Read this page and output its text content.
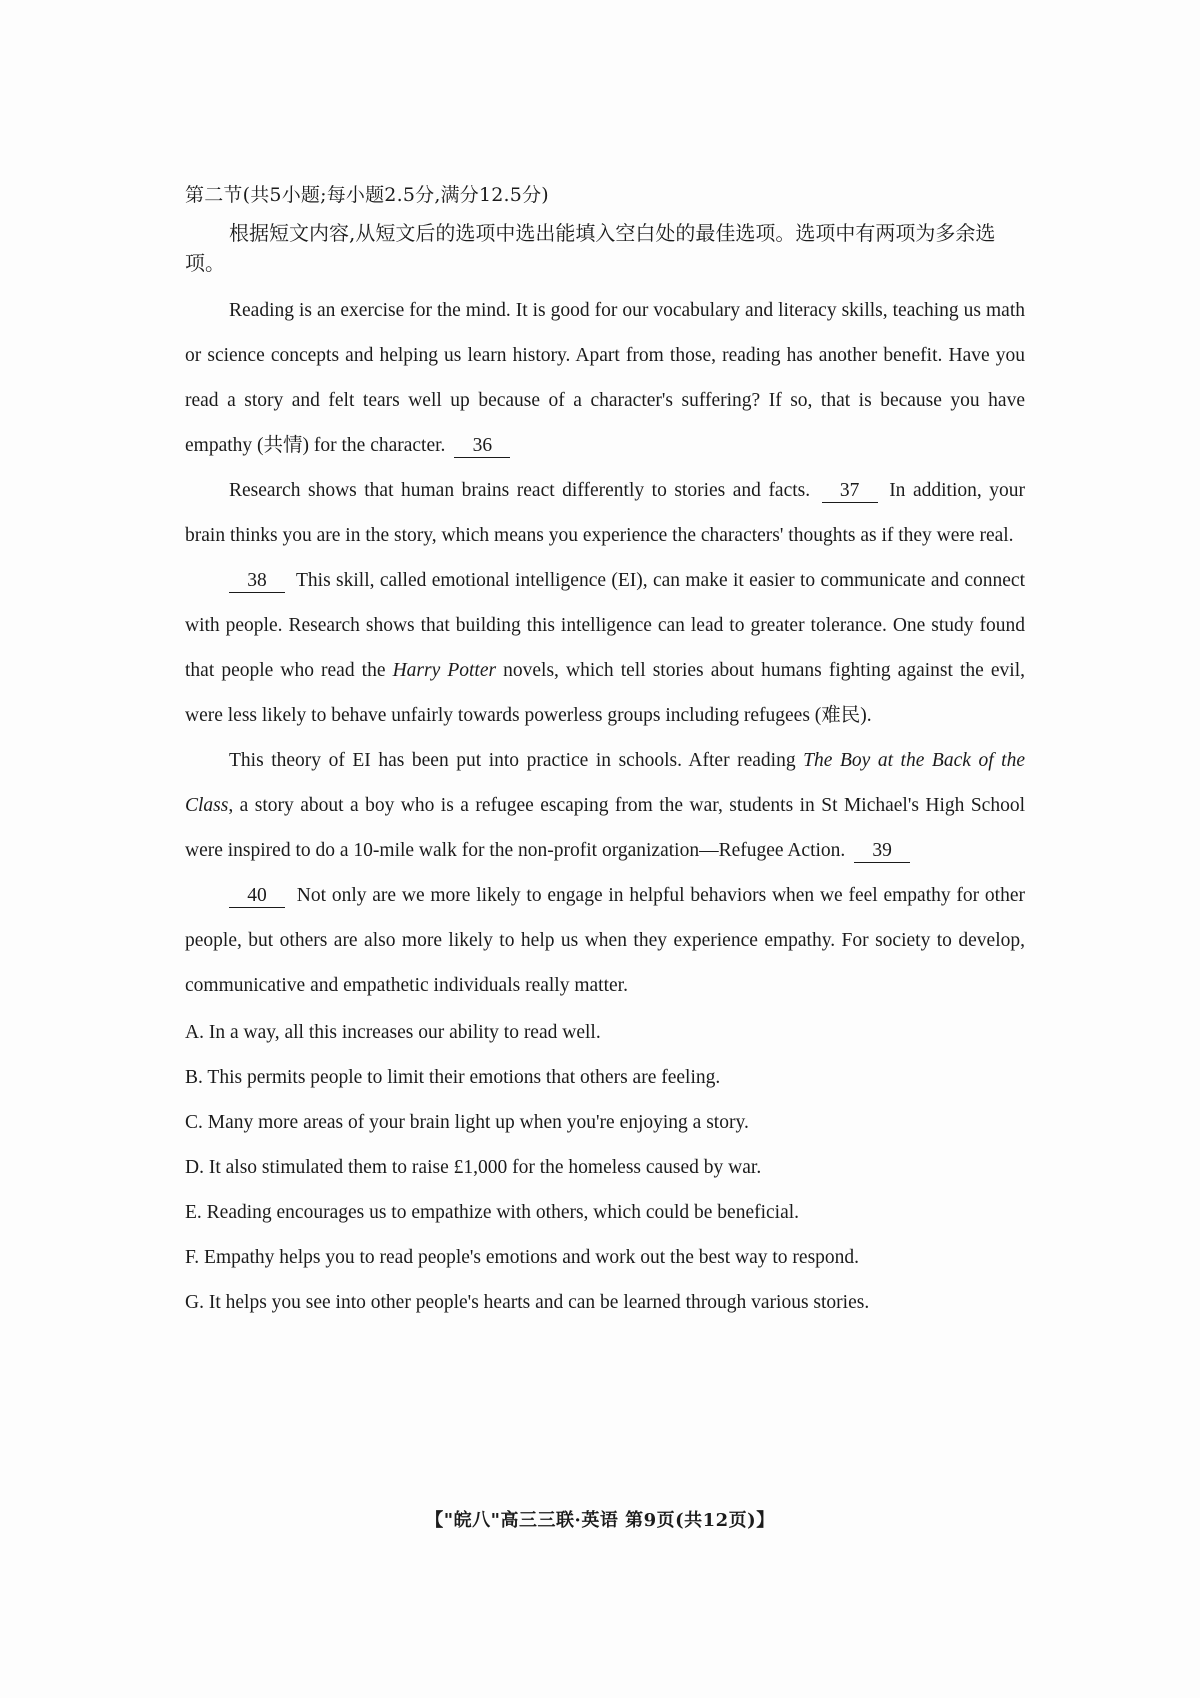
第二节(共5小题;每小题2.5分,满分12.5分)
根据短文内容,从短文后的选项中选出能填入空白处的最佳选项。选项中有两项为多余选项。

Reading is an exercise for the mind. It is good for our vocabulary and literacy skills, teaching us math or science concepts and helping us learn history. Apart from those, reading has another benefit. Have you read a story and felt tears well up because of a character's suffering? If so, that is because you have empathy (共情) for the character. 36

Research shows that human brains react differently to stories and facts. 37 In addition, your brain thinks you are in the story, which means you experience the characters' thoughts as if they were real.

38 This skill, called emotional intelligence (EI), can make it easier to communicate and connect with people. Research shows that building this intelligence can lead to greater tolerance. One study found that people who read the Harry Potter novels, which tell stories about humans fighting against the evil, were less likely to behave unfairly towards powerless groups including refugees (难民).

This theory of EI has been put into practice in schools. After reading The Boy at the Back of the Class, a story about a boy who is a refugee escaping from the war, students in St Michael's High School were inspired to do a 10-mile walk for the non-profit organization—Refugee Action. 39

40 Not only are we more likely to engage in helpful behaviors when we feel empathy for other people, but others are also more likely to help us when they experience empathy. For society to develop, communicative and empathetic individuals really matter.

A. In a way, all this increases our ability to read well.

B. This permits people to limit their emotions that others are feeling.

C. Many more areas of your brain light up when you're enjoying a story.

D. It also stimulated them to raise £1,000 for the homeless caused by war.

E. Reading encourages us to empathize with others, which could be beneficial.

F. Empathy helps you to read people's emotions and work out the best way to respond.

G. It helps you see into other people's hearts and can be learned through various stories.

【"皖八"高三三联·英语 第9页(共12页)】
